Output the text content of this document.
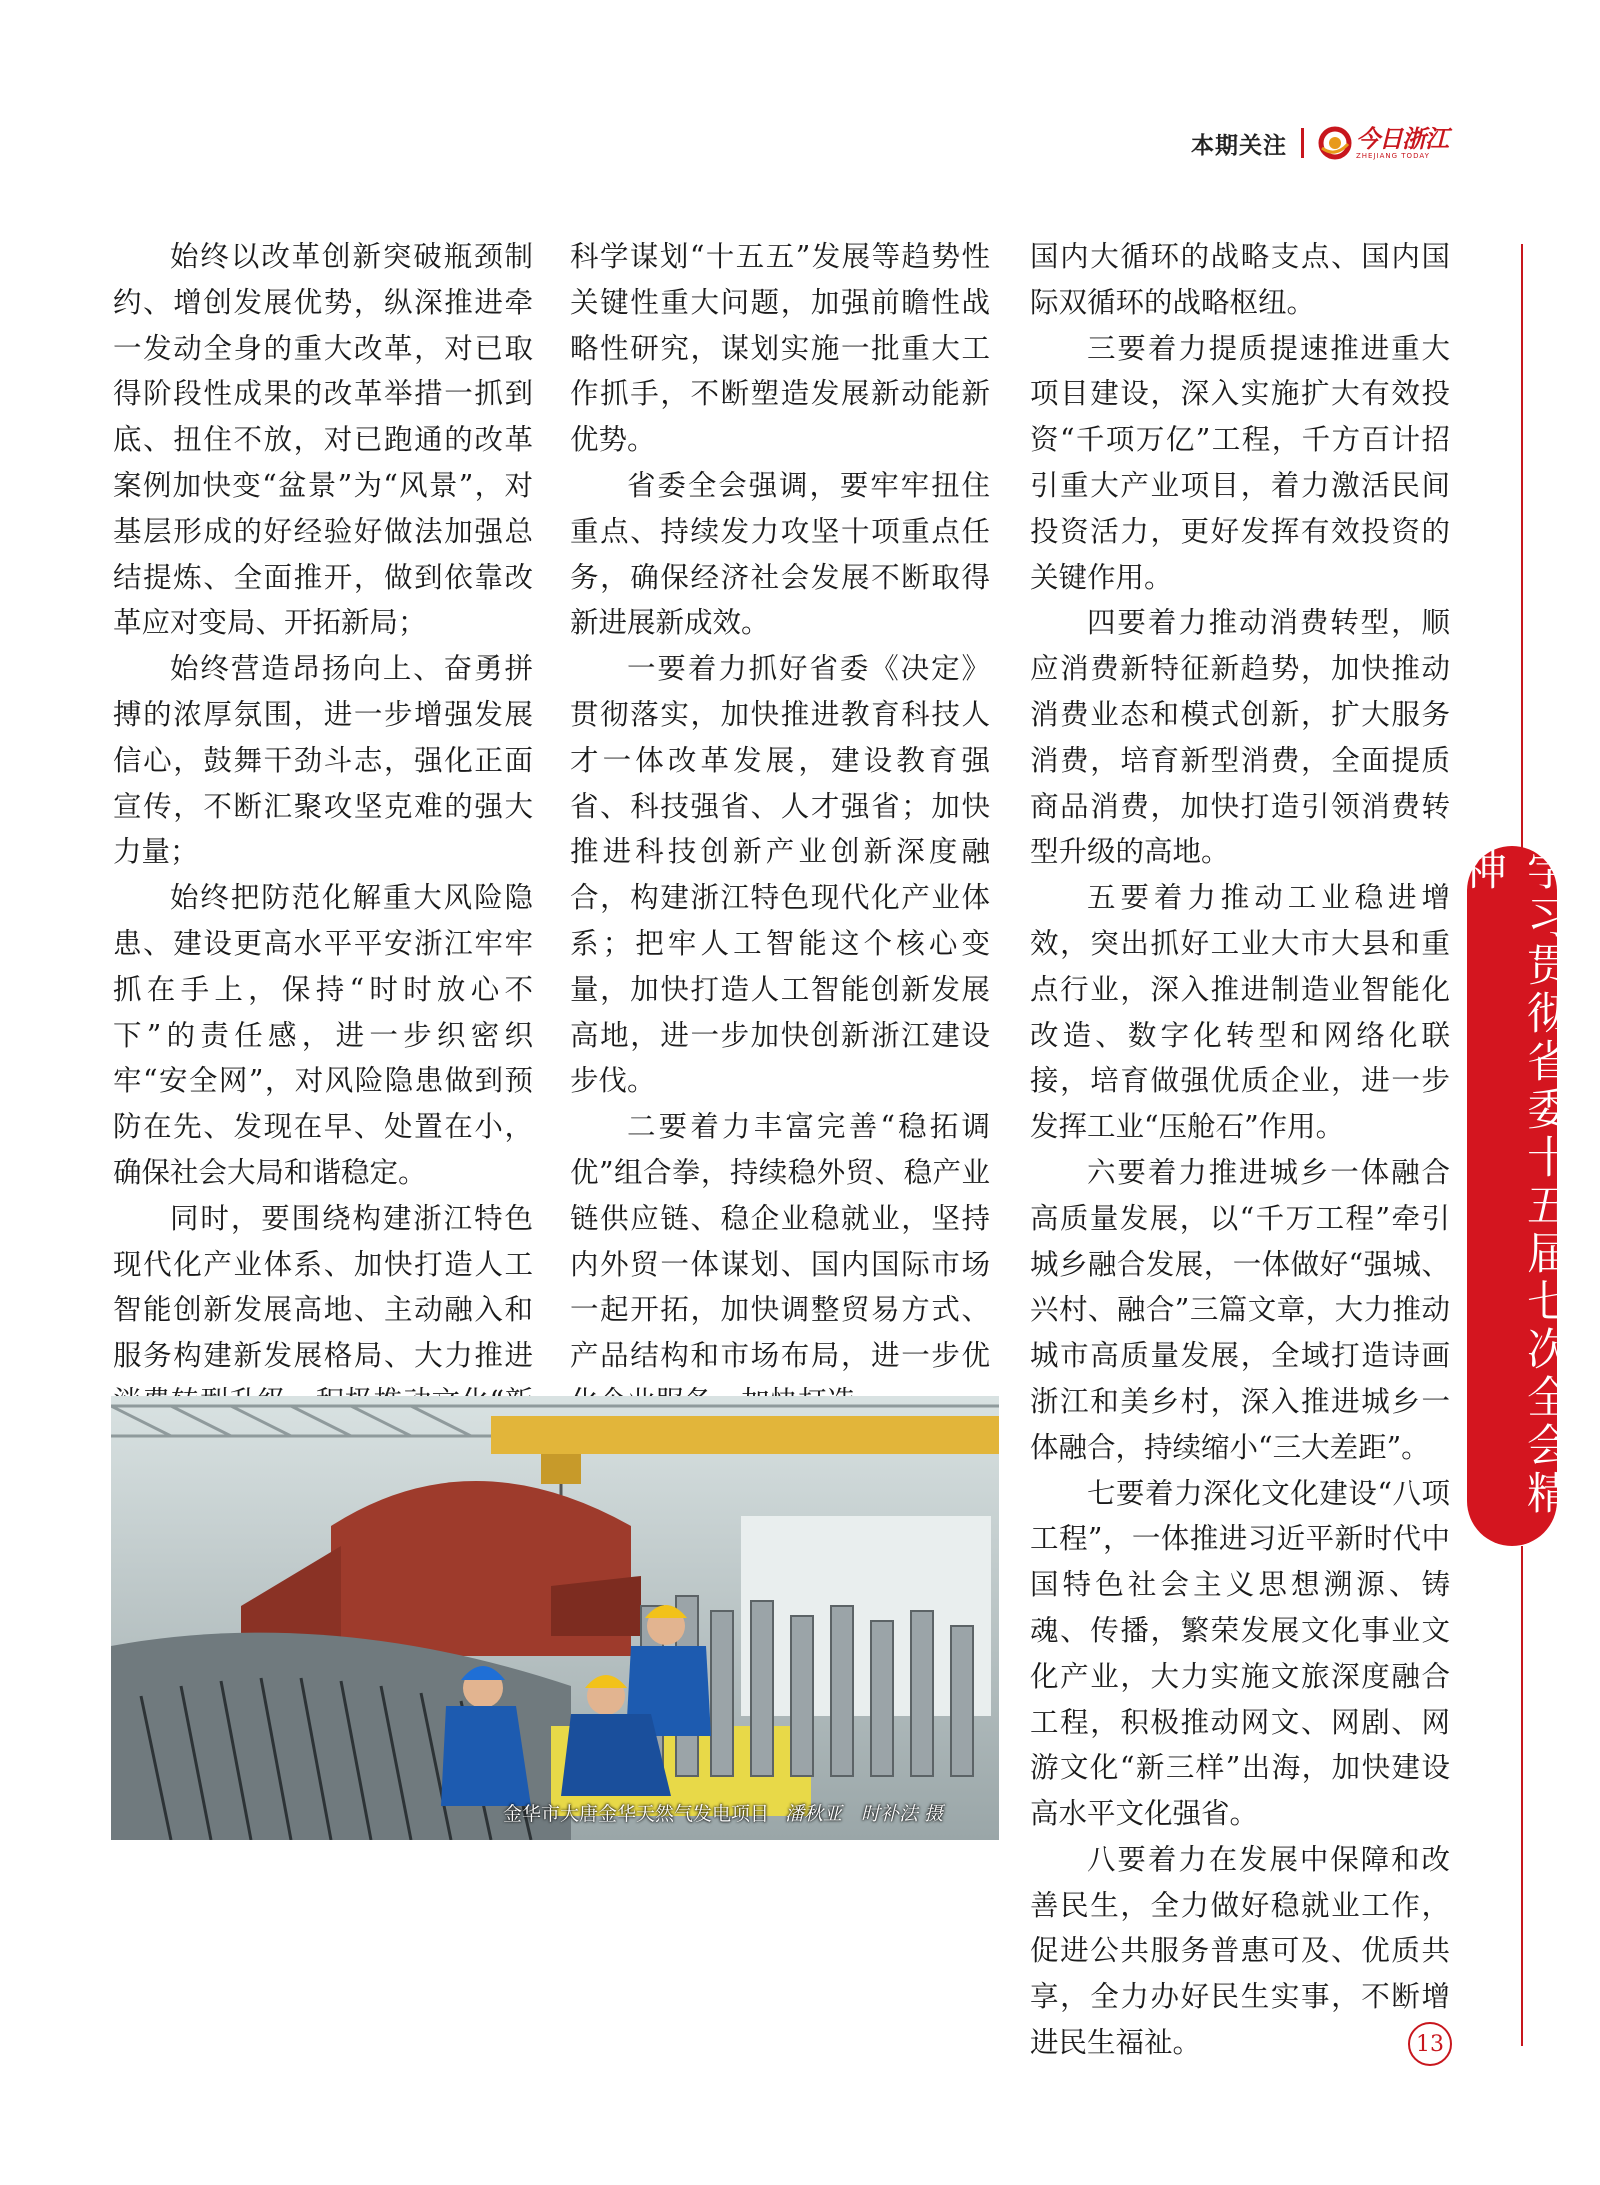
本期关注	今日浙江
ZHEJIANG TODAY

始终以改革创新突破瓶颈制约、增创发展优势，纵深推进牵一发动全身的重大改革，对已取得阶段性成果的改革举措一抓到底、扭住不放，对已跑通的改革案例加快变“盆景”为“风景”，对基层形成的好经验好做法加强总结提炼、全面推开，做到依靠改革应对变局、开拓新局；

始终营造昂扬向上、奋勇拼搏的浓厚氛围，进一步增强发展信心，鼓舞干劲斗志，强化正面宣传，不断汇聚攻坚克难的强大力量；

始终把防范化解重大风险隐患、建设更高水平平安浙江牢牢抓在手上，保持“时时放心不下”的责任感，进一步织密织牢“安全网”，对风险隐患做到预防在先、发现在早、处置在小，确保社会大局和谐稳定。

同时，要围绕构建浙江特色现代化产业体系、加快打造人工智能创新发展高地、主动融入和服务构建新发展格局、大力推进

科学谋划“十五五”发展等趋势性关键性重大问题，加强前瞻性战略性研究，谋划实施一批重大工作抓手，不断塑造发展新动能新优势。

省委全会强调，要牢牢扭住重点、持续发力攻坚十项重点任务，确保经济社会发展不断取得新进展新成效。

一要着力抓好省委《决定》贯彻落实，加快推进教育科技人才一体改革发展，建设教育强省、科技强省、人才强省；加快推进科技创新产业创新深度融合，构建浙江特色现代化产业体系；把牢人工智能这个核心变量，加快打造人工智能创新发展高地，进一步加快创新浙江建设步伐。

二要着力丰富完善“稳拓调优”组合拳，持续稳外贸、稳产业链供应链、稳企业稳就业，坚持内外贸一体谋划、国内国际市场一起开拓，加快调整贸易方式、产品结构和市场布局，进一步优

国内大循环的战略支点、国内国际双循环的战略枢纽。

三要着力提质提速推进重大项目建设，深入实施扩大有效投资“千项万亿”工程，千方百计招引重大产业项目，着力激活民间投资活力，更好发挥有效投资的关键作用。

四要着力推动消费转型，顺应消费新特征新趋势，加快推动消费业态和模式创新，扩大服务消费，培育新型消费，全面提质商品消费，加快打造引领消费转型升级的高地。

五要着力推动工业稳进增效，突出抓好工业大市大县和重点行业，深入推进制造业智能化改造、数字化转型和网络化联接，培育做强优质企业，进一步发挥工业“压舱石”作用。

六要着力推进城乡一体融合高质量发展，以“千万工程”牵引城乡融合发展，一体做好“强城、兴村、融合”三篇文章，大力推动城市高质量发展，全域打造诗画浙江和美乡村，深入推进城乡一体融合，持续缩小“三大差距”。

七要着力深化文化建设“八项工程”，一体推进习近平新时代中国特色社会主义思想溯源、铸魂、传播，繁荣发展文化事业文化产业，大力实施文旅深度融合工程，积极推动网文、网剧、网游文化“新三样”出海，加快建设高水平文化强省。

八要着力在发展中保障和改善民生，全力做好稳就业工作，促进公共服务普惠可及、优质共享，全力办好民生实事，不断增进民生福祉。

金华市大唐金华天然气发电项目 潘秋亚　时补法 摄
学习贯彻省委十五届七次全会精神
13
